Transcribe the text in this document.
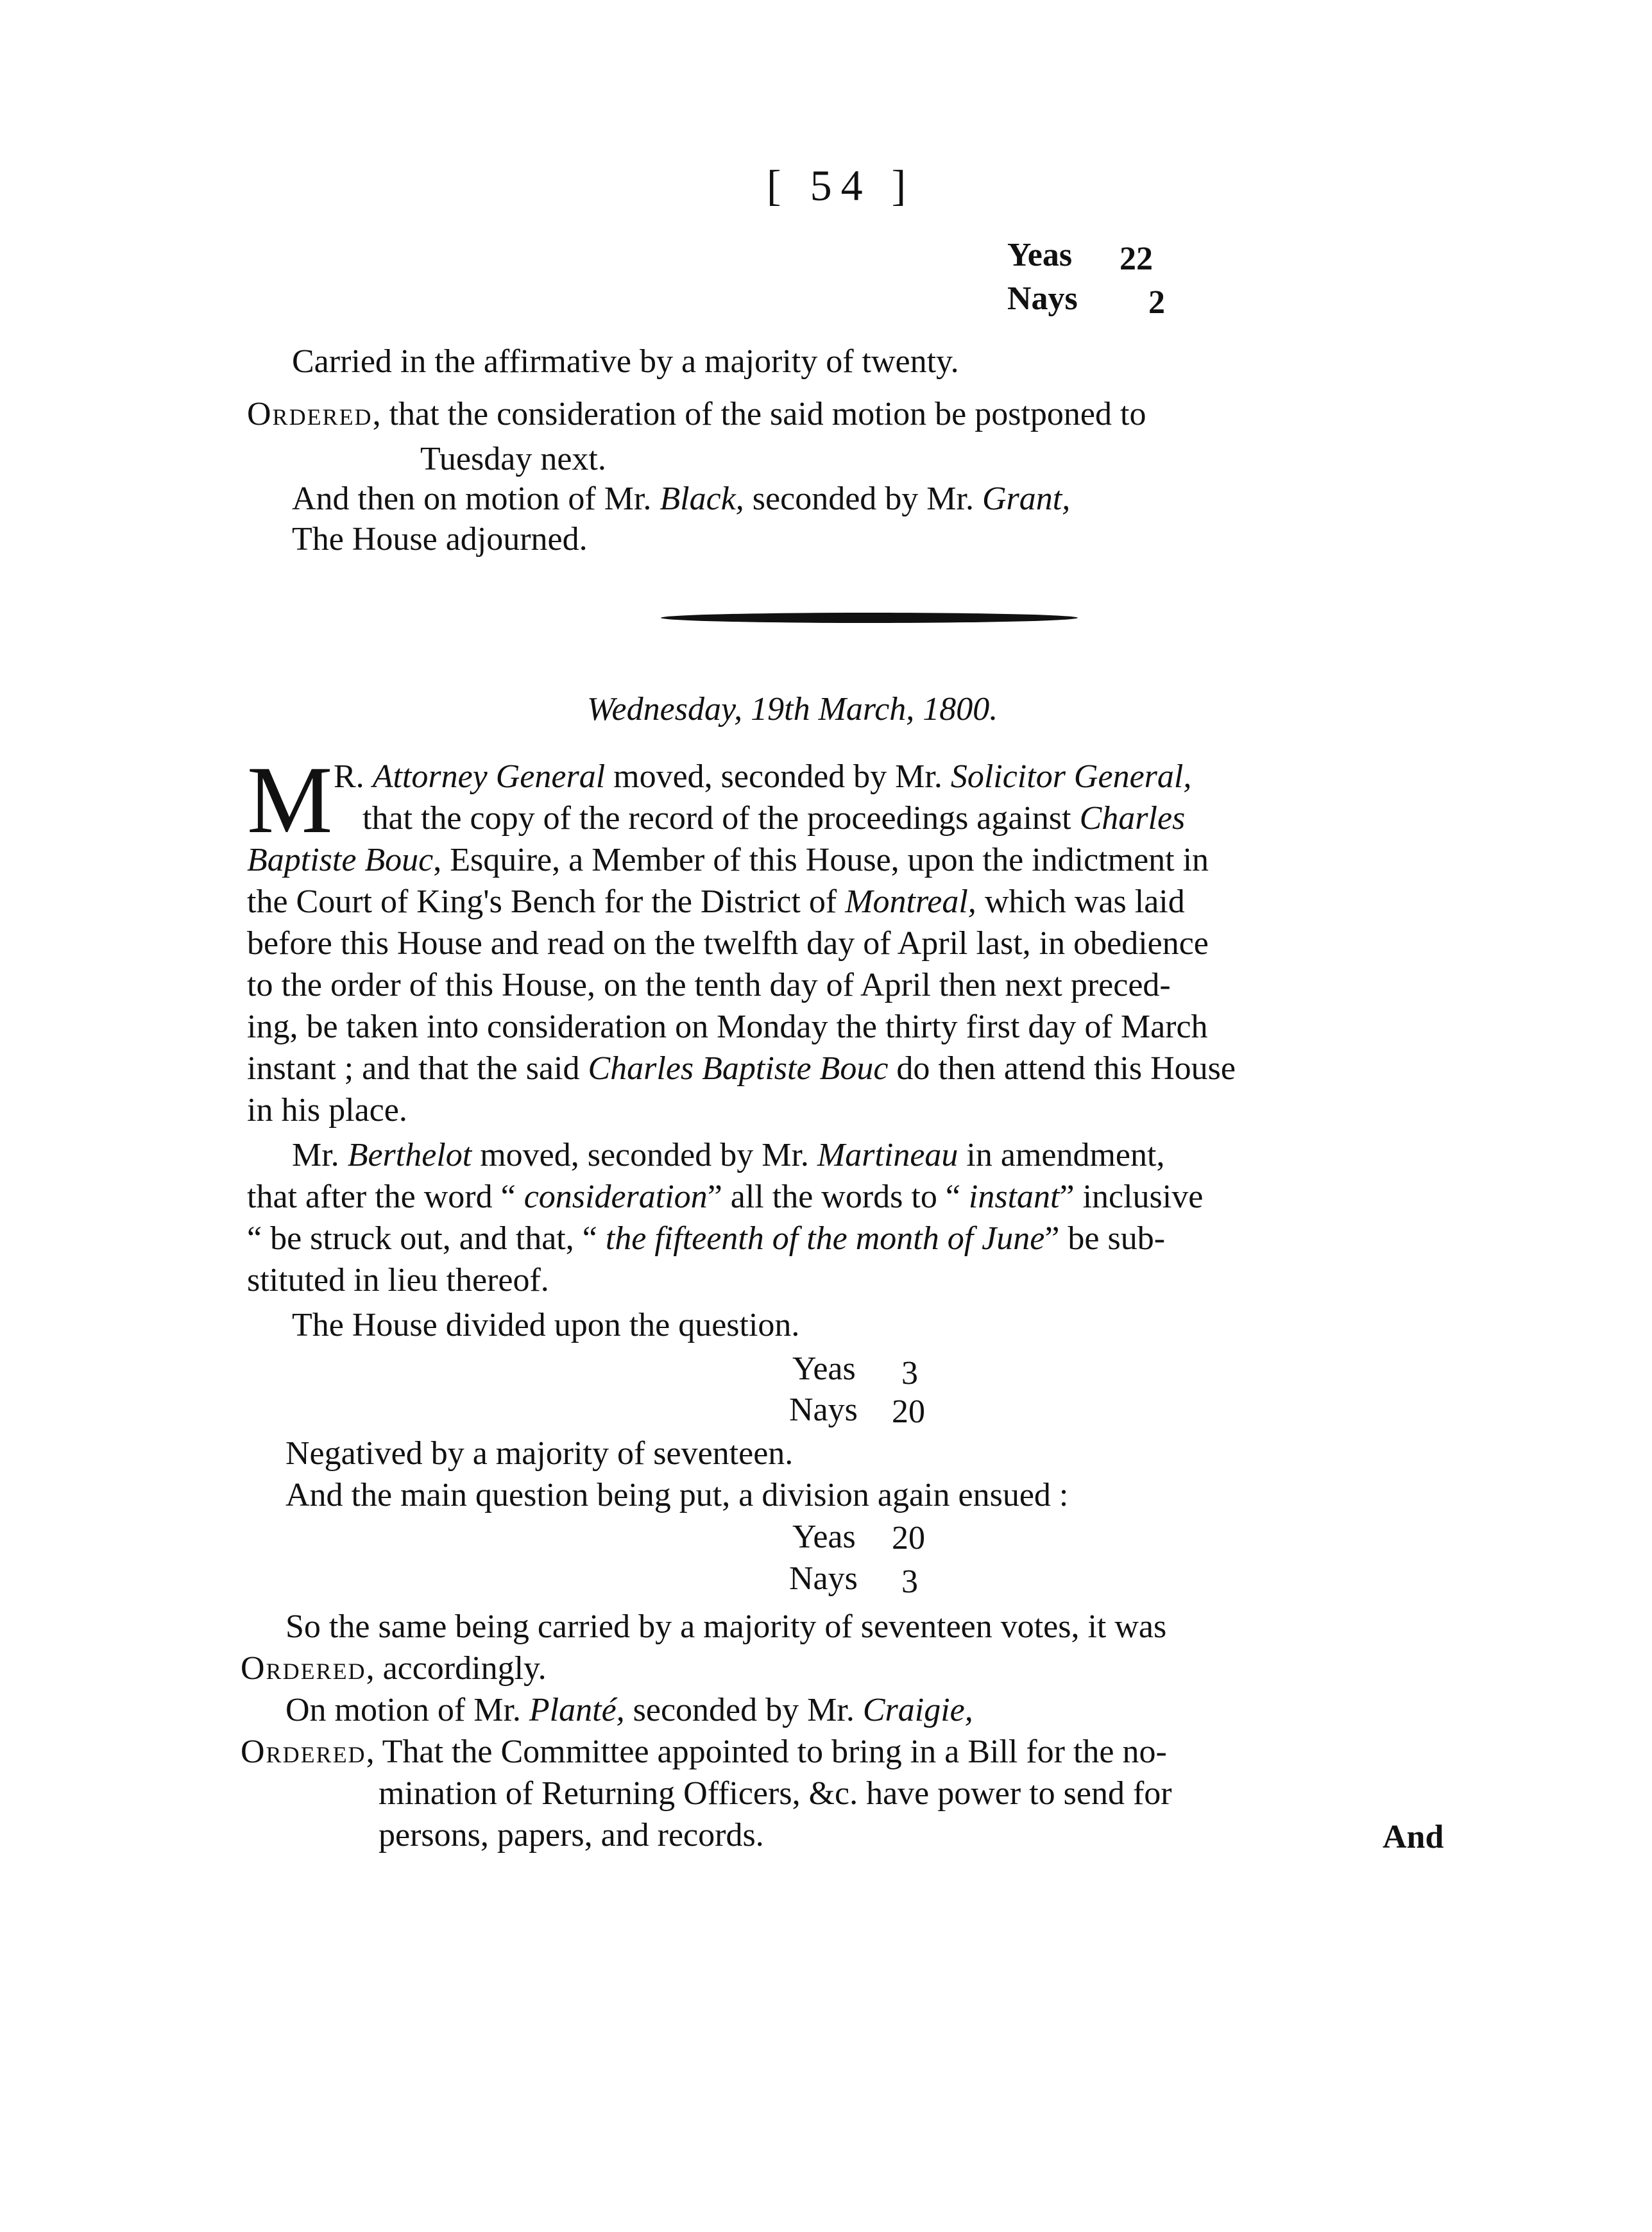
[ 54 ]
Yeas 22
Nays 2
Carried in the affirmative by a majority of twenty.
Ordered, that the consideration of the said motion be postponed to
Tuesday next.
And then on motion of Mr. Black, seconded by Mr. Grant,
The House adjourned.
Wednesday, 19th March, 1800.
M R. Attorney General moved, seconded by Mr. Solicitor General,
that the copy of the record of the proceedings against Charles
Baptiste Bouc, Esquire, a Member of this House, upon the indictment in
the Court of King's Bench for the District of Montreal, which was laid
before this House and read on the twelfth day of April last, in obedience
to the order of this House, on the tenth day of April then next preced-
ing, be taken into consideration on Monday the thirty first day of March
instant ; and that the said Charles Baptiste Bouc do then attend this House
in his place.
Mr. Berthelot moved, seconded by Mr. Martineau in amendment,
that after the word “ consideration” all the words to “ instant” inclusive
“ be struck out, and that, “ the fifteenth of the month of June” be sub-
stituted in lieu thereof.
The House divided upon the question.
Yeas 3
Nays 20
Negatived by a majority of seventeen.
And the main question being put, a division again ensued :
Yeas 20
Nays 3
So the same being carried by a majority of seventeen votes, it was
Ordered, accordingly.
On motion of Mr. Planté, seconded by Mr. Craigie,
Ordered, That the Committee appointed to bring in a Bill for the no-
mination of Returning Officers, &c. have power to send for
persons, papers, and records.	And
